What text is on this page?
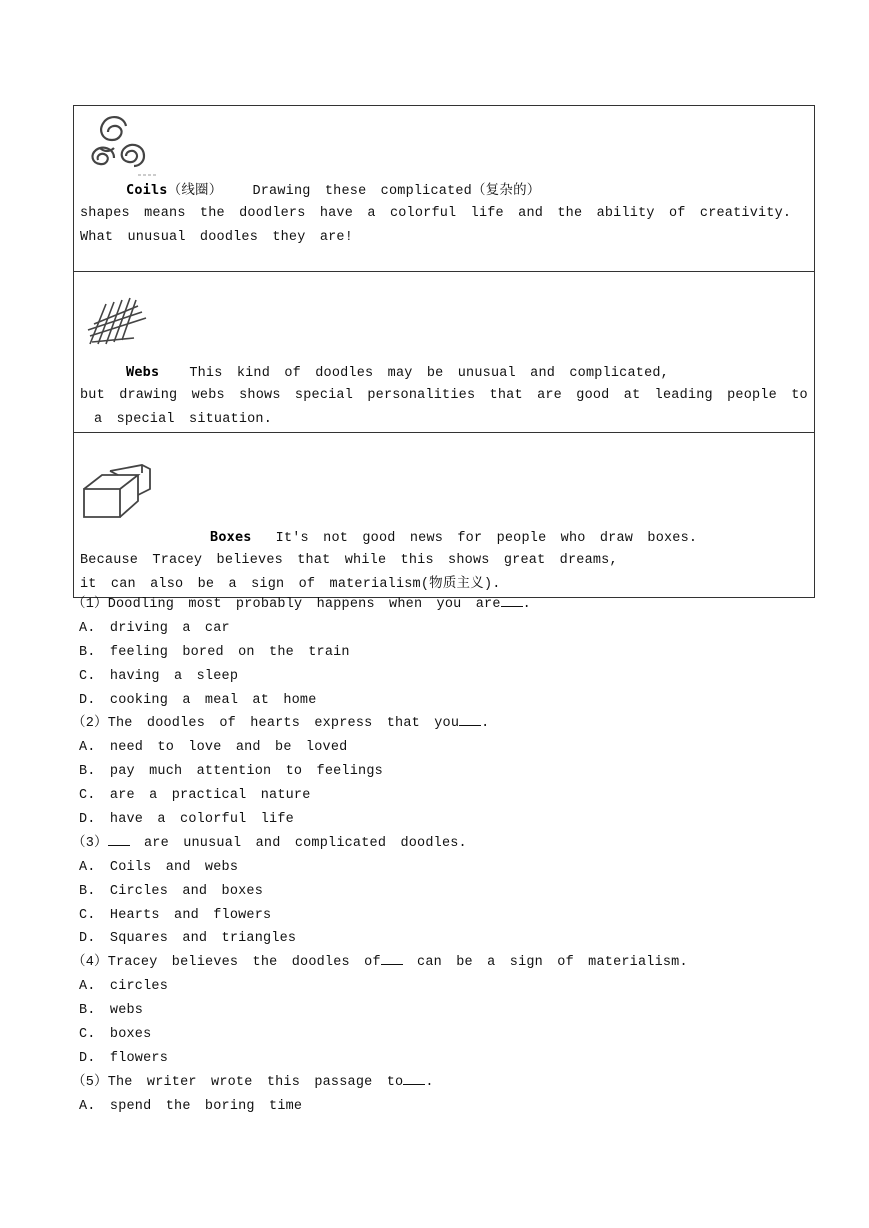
Coils（线圈） Drawing these complicated（复杂的）
shapes means the doodlers have a colorful life and the ability of creativity.
What unusual doodles they are!

Webs This kind of doodles may be unusual and complicated,
but drawing webs shows special personalities that are good at leading people to
a special situation.

Boxes It's not good news for people who draw boxes.
Because Tracey believes that while this shows great dreams,
it can also be a sign of materialism(物质主义).
（1）Doodling most probably happens when you are .
A. driving a car
B. feeling bored on the train
C. having a sleep
D. cooking a meal at home
（2）The doodles of hearts express that you .
A. need to love and be loved
B. pay much attention to feelings
C. are a practical nature
D. have a colorful life
（3） are unusual and complicated doodles.
A. Coils and webs
B. Circles and boxes
C. Hearts and flowers
D. Squares and triangles
（4）Tracey believes the doodles of can be a sign of materialism.
A. circles
B. webs
C. boxes
D. flowers
（5）The writer wrote this passage to .
A. spend the boring time
